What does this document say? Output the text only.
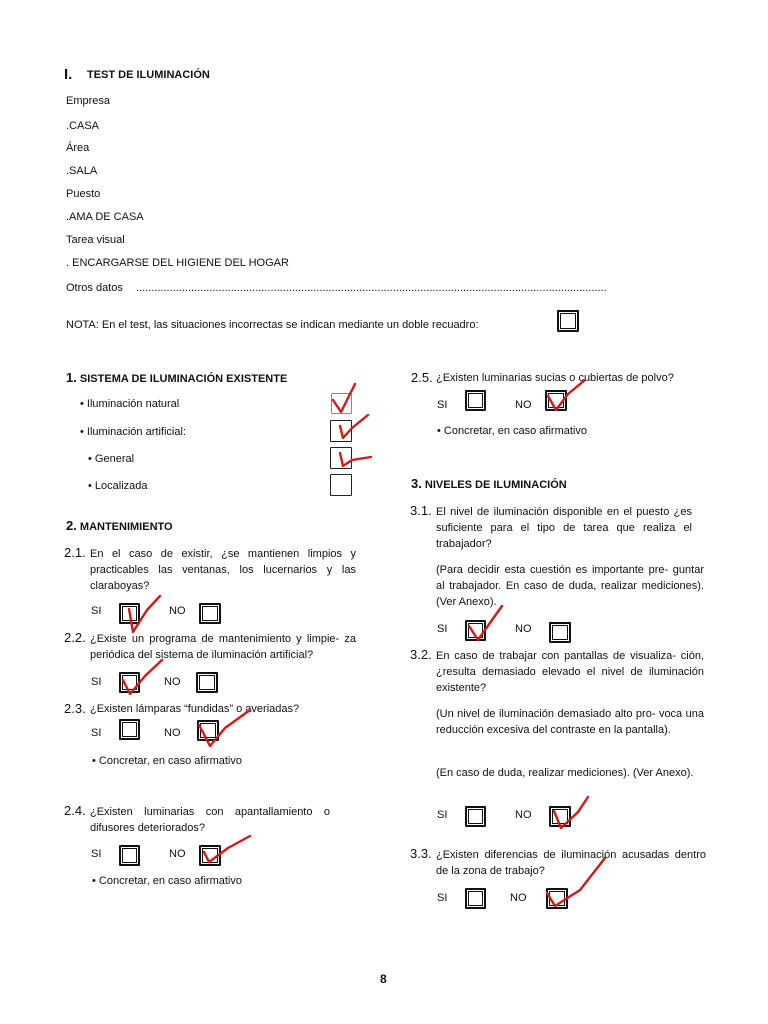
I. TEST DE ILUMINACIÓN
Empresa
.CASA
Área
.SALA
Puesto
.AMA DE CASA
Tarea visual
. ENCARGARSE DEL HIGIENE DEL HOGAR
Otros datos ..........................................................................................................................................................
NOTA: En el test, las situaciones incorrectas se indican mediante un doble recuadro:
1. SISTEMA DE ILUMINACIÓN EXISTENTE
• Iluminación natural
• Iluminación artificial:
• General
• Localizada
2. MANTENIMIENTO
2.1. En el caso de existir, ¿se mantienen limpios y practicables las ventanas, los lucernarios y las claraboyas?
SI	NO
2.2. ¿Existe un programa de mantenimiento y limpie- za periódica del sistema de iluminación artificial?
SI	NO
2.3. ¿Existen lámparas “fundidas” o averiadas?
SI	NO
• Concretar, en caso afirmativo
2.4. ¿Existen luminarias con apantallamiento o difusores deteriorados?
SI	NO
• Concretar, en caso afirmativo
2.5. ¿Existen luminarias sucias o cubiertas de polvo?
SI	NO
• Concretar, en caso afirmativo
3. NIVELES DE ILUMINACIÓN
3.1. El nivel de iluminación disponible en el puesto ¿es suficiente para el tipo de tarea que realiza el trabajador?
(Para decidir esta cuestión es importante pre- guntar al trabajador. En caso de duda, realizar mediciones). (Ver Anexo).
SI	NO
3.2. En caso de trabajar con pantallas de visualiza- ción, ¿resulta demasiado elevado el nivel de iluminación existente?
(Un nivel de iluminación demasiado alto pro- voca una reducción excesiva del contraste en la pantalla).
(En caso de duda, realizar mediciones). (Ver Anexo).
SI	NO
3.3. ¿Existen diferencias de iluminación acusadas dentro de la zona de trabajo?
SI	NO
8
